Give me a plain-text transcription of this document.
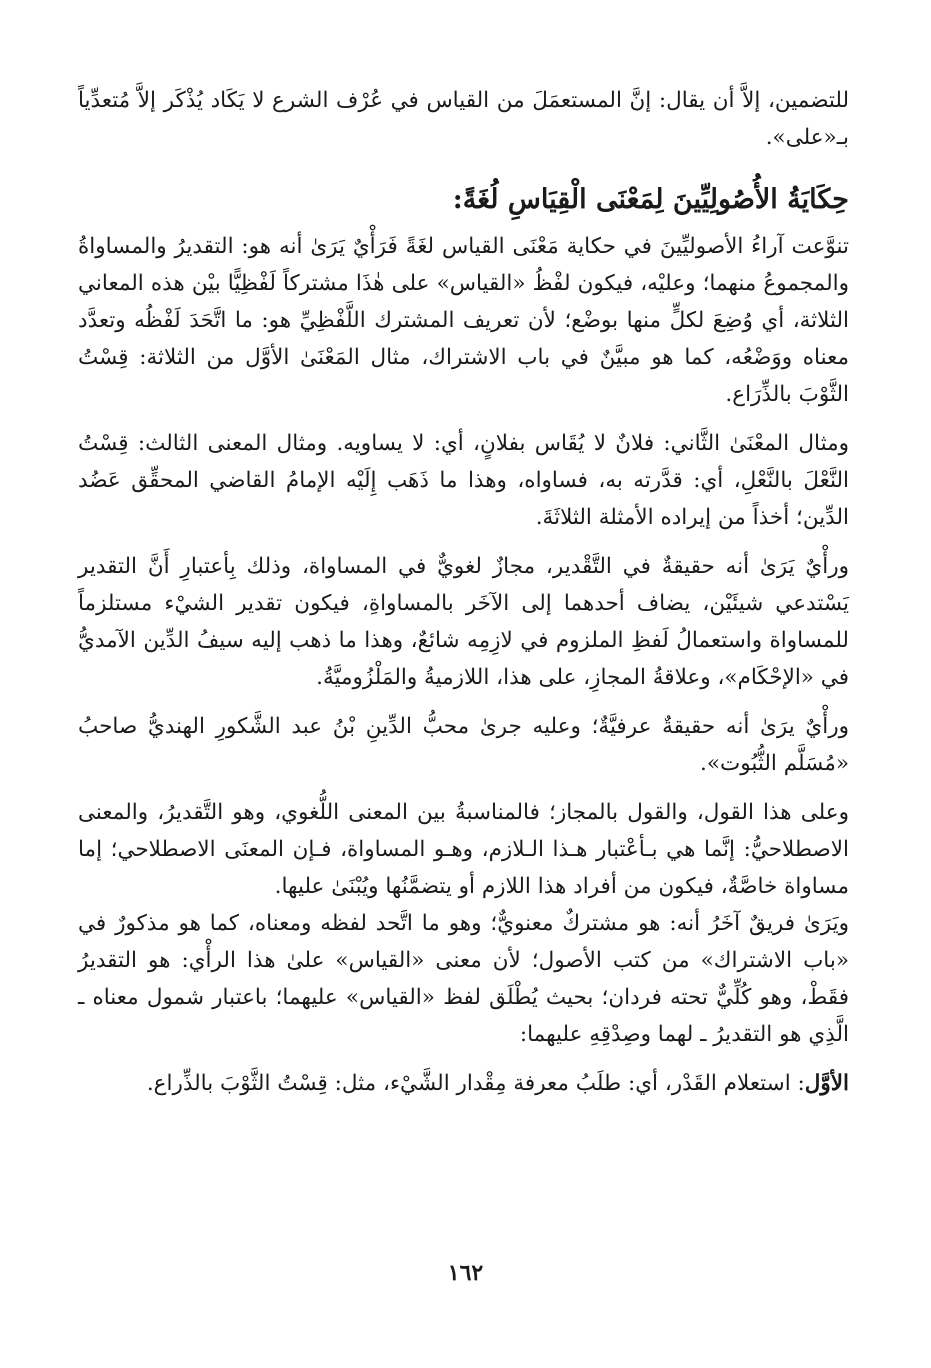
للتضمين، إلاَّ أن يقال: إنَّ المستعمَلَ من القياس في عُرْف الشرع لا يَكَاد يُذْكَر إلاَّ مُتعدِّياً بـ«على».

حِكَايَةُ الأُصُولِيِّينَ لِمَعْنَى الْقِيَاسِ لُغَةً:

تنوَّعت آراءُ الأصوليِّينَ في حكاية مَعْنَى القياس لغَةً فَرَأْيٌ يَرَىٰ أنه هو: التقديرُ والمساواةُ والمجموعُ منهما؛ وعليْه، فيكون لفْظُ «القياس» على هٰذَا مشتركاً لَفْظِيًّا بيْن هذه المعاني الثلاثة، أي وُضِعَ لكلٍّ منها بوضْع؛ لأن تعريف المشترك اللَّفْظِيِّ هو: ما اتَّحَدَ لَفْظُه وتعدَّد معناه ووَضْعُه، كما هو مبيَّنٌ في باب الاشتراك، مثال المَعْنَىٰ الأوَّل من الثلاثة: قِسْتُ الثَّوْبَ بالذِّرَاع.

ومثال المعْنَىٰ الثَّاني: فلانٌ لا يُقَاس بفلانٍ، أي: لا يساويه. ومثال المعنى الثالث: قِسْتُ النَّعْلَ بالنَّعْلِ، أي: قدَّرته به، فساواه، وهذا ما ذَهَب إِلَيْه الإمامُ القاضي المحقِّق عَضُد الدِّين؛ أخذاً من إيراده الأمثلة الثلاثَةَ.

ورأْيٌ يَرَىٰ أنه حقيقةٌ في التَّقْدير، مجازٌ لغويٌّ في المساواة، وذلك بِأعتبارِ أَنَّ التقدير يَسْتدعي شيئَيْن، يضاف أحدهما إلى الآخَر بالمساواةِ، فيكون تقدير الشيْء مستلزماً للمساواة واستعمالُ لَفظِ الملزوم في لازِمِه شائعٌ، وهذا ما ذهب إليه سيفُ الدِّين الآمديُّ في «الإحْكَام»، وعلاقةُ المجازِ، على هذا، اللازميةُ والمَلْزُوميَّةُ.

ورأْيٌ يرَىٰ أنه حقيقةٌ عرفيَّةٌ؛ وعليه جرىٰ محبُّ الدِّينِ بْنُ عبد الشَّكورِ الهنديُّ صاحبُ «مُسَلَّم الثُّبُوت».

وعلى هذا القول، والقول بالمجاز؛ فالمناسبةُ بين المعنى اللُّغوي، وهو التَّقديرُ، والمعنى الاصطلاحيُّ: إنَّما هي بـأعْتبار هـذا الـلازم، وهـو المساواة، فـإن المعنَى الاصطلاحي؛ إما مساواة خاصَّةٌ، فيكون من أفراد هذا اللازم أو يتضمَّنُها ويُبْنَىٰ عليها.

ويَرَىٰ فريقٌ آخَرُ أنه: هو مشتركٌ معنويٌّ؛ وهو ما اتَّحد لفظه ومعناه، كما هو مذكورٌ في «باب الاشتراك» من كتب الأصول؛ لأن معنى «القياس» علىٰ هذا الرأْي: هو التقديرُ فقَطْ، وهو كُلِّيٌّ تحته فردان؛ بحيث يُطْلَق لفظ «القياس» عليهما؛ باعتبار شمول معناه ـ الَّذِي هو التقديرُ ـ لهما وصِدْقِهِ عليهما:

الأوَّل: استعلام القَدْر، أي: طلَبُ معرفة مِقْدار الشَّيْء، مثل: قِسْتُ الثَّوْبَ بالذِّراع.

١٦٢
